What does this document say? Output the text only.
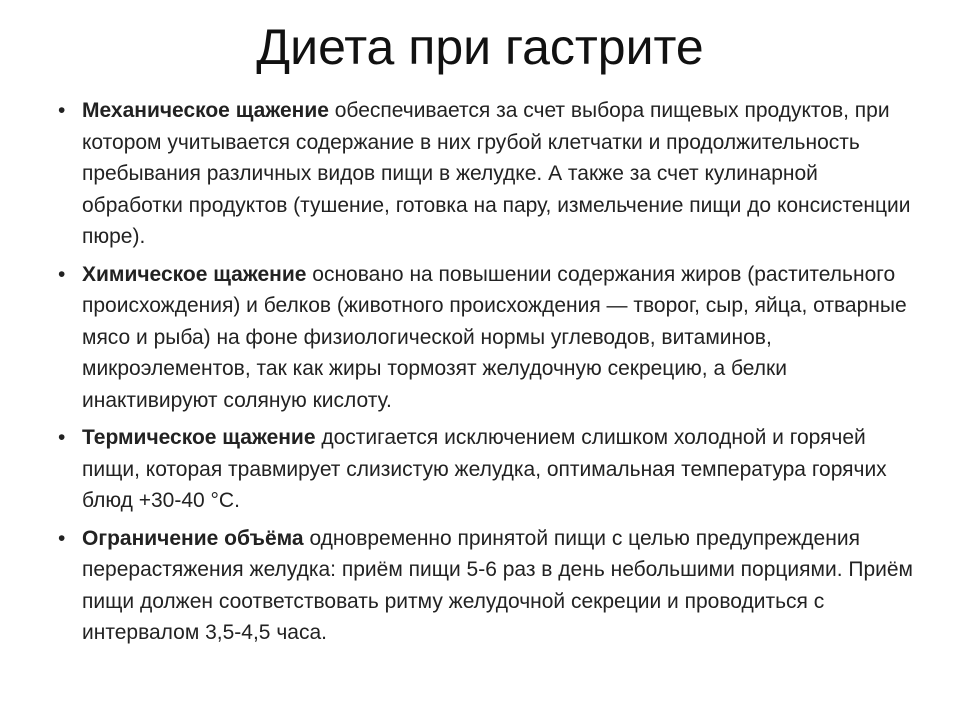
Диета при гастрите
• Механическое щажение обеспечивается за счет выбора пищевых продуктов, при котором учитывается содержание в них грубой клетчатки и продолжительность пребывания различных видов пищи в желудке. А также за счет кулинарной обработки продуктов (тушение, готовка на пару, измельчение пищи до консистенции пюре).
• Химическое щажение основано на повышении содержания жиров (растительного происхождения) и белков (животного происхождения — творог, сыр, яйца, отварные мясо и рыба) на фоне физиологической нормы углеводов, витаминов, микроэлементов, так как жиры тормозят желудочную секрецию, а белки инактивируют соляную кислоту.
• Термическое щажение достигается исключением слишком холодной и горячей пищи, которая травмирует слизистую желудка, оптимальная температура горячих блюд +30-40 °С.
• Ограничение объёма одновременно принятой пищи с целью предупреждения перерастяжения желудка: приём пищи 5-6 раз в день небольшими порциями. Приём пищи должен соответствовать ритму желудочной секреции и проводиться с интервалом 3,5-4,5 часа.
